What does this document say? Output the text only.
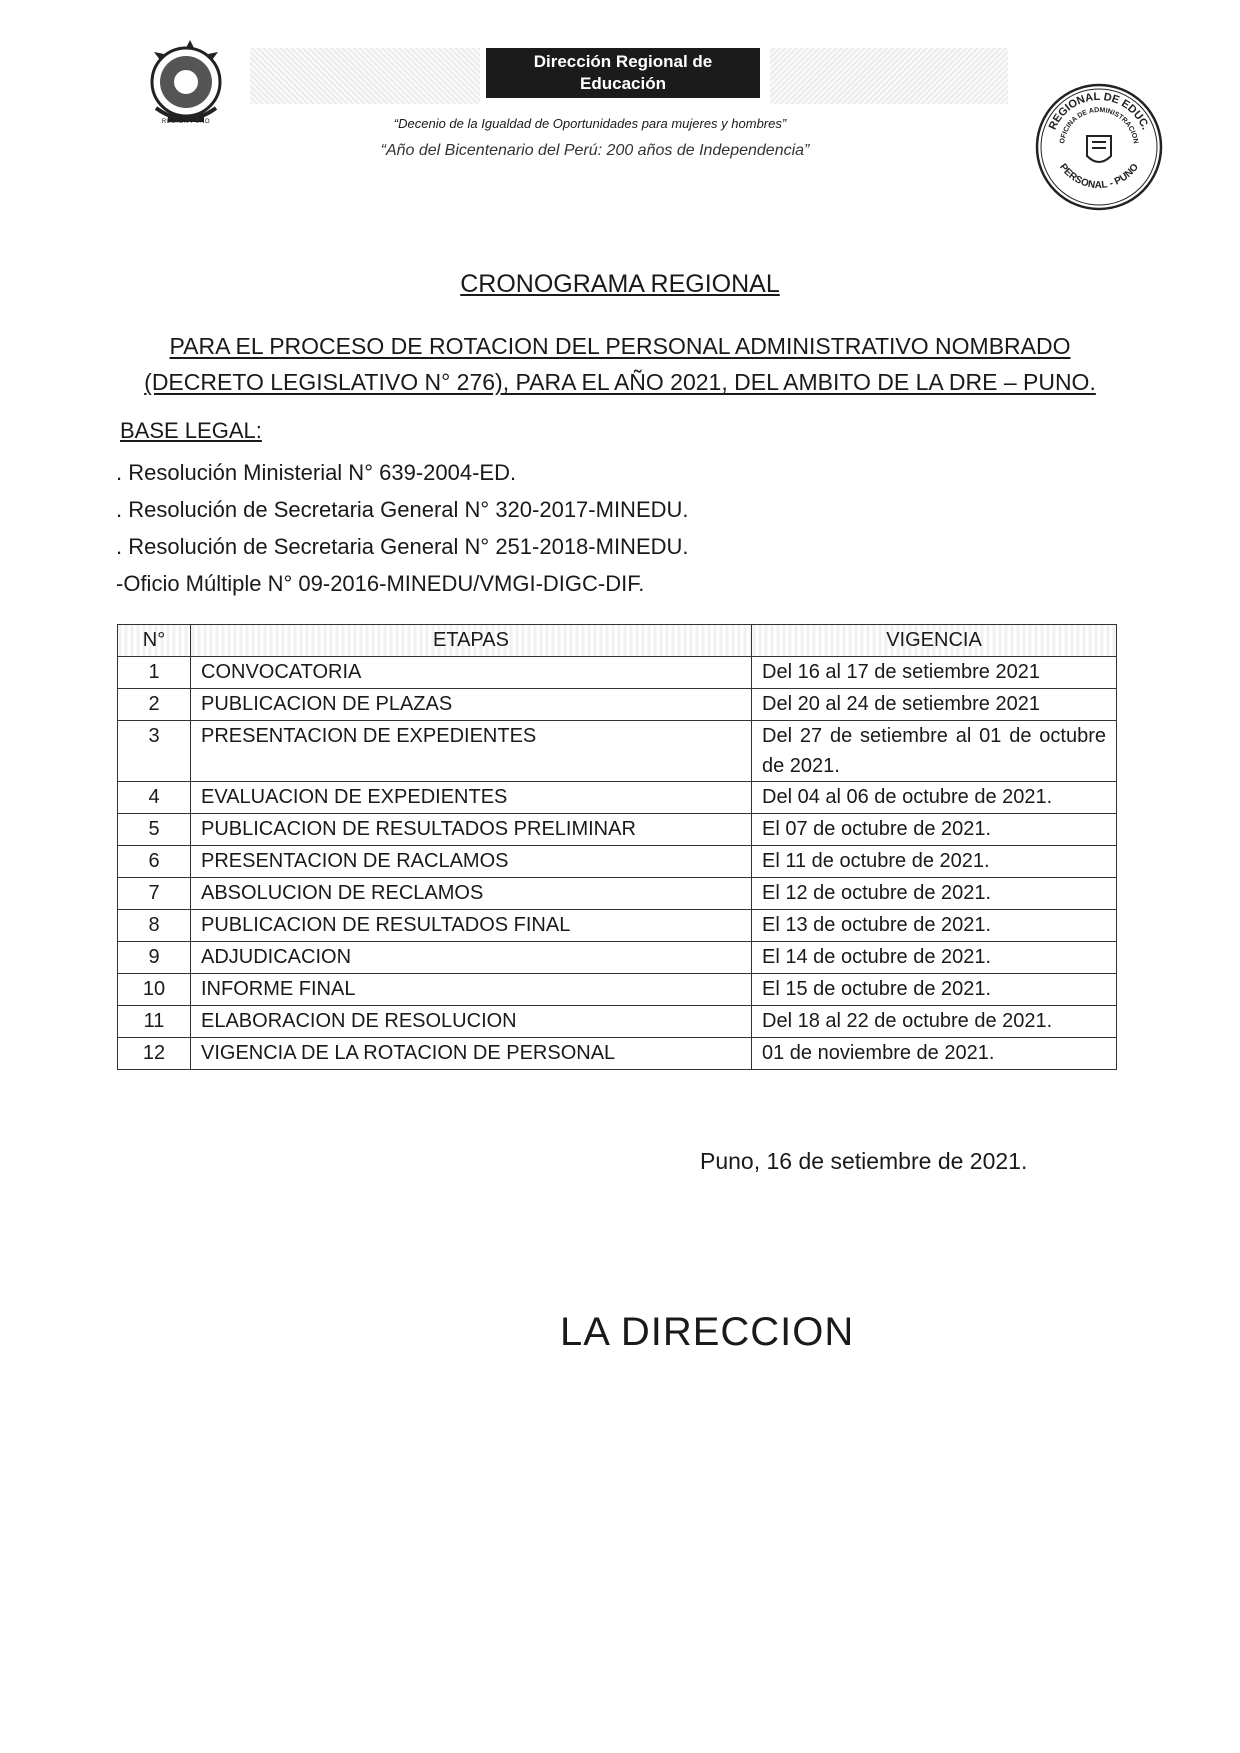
REGIÓN PUNO
Dirección Regional de
Educación
“Decenio de la Igualdad de Oportunidades para mujeres y hombres”
“Año del Bicentenario del Perú: 200 años de Independencia”
REGIONAL DE EDUC.
OFICINA DE ADMINISTRACION
PERSONAL - PUNO
CRONOGRAMA REGIONAL
PARA EL PROCESO DE ROTACION DEL PERSONAL ADMINISTRATIVO NOMBRADO
(DECRETO LEGISLATIVO N° 276), PARA EL AÑO 2021, DEL AMBITO DE LA DRE – PUNO.
BASE LEGAL:
. Resolución Ministerial N° 639-2004-ED.
. Resolución de Secretaria General N° 320-2017-MINEDU.
. Resolución de Secretaria General N° 251-2018-MINEDU.
-Oficio Múltiple N° 09-2016-MINEDU/VMGI-DIGC-DIF.
N°	ETAPAS	VIGENCIA
1	CONVOCATORIA	Del 16 al 17 de setiembre 2021
2	PUBLICACION DE PLAZAS	Del 20 al 24 de setiembre 2021
3	PRESENTACION DE EXPEDIENTES	Del 27 de setiembre al 01 de octubre de 2021.
4	EVALUACION DE EXPEDIENTES	Del 04 al 06 de octubre de 2021.
5	PUBLICACION DE RESULTADOS PRELIMINAR	El 07 de octubre de 2021.
6	PRESENTACION DE RACLAMOS	El 11 de octubre de 2021.
7	ABSOLUCION DE RECLAMOS	El 12 de octubre de 2021.
8	PUBLICACION DE RESULTADOS FINAL	El 13 de octubre de 2021.
9	ADJUDICACION	El 14 de octubre de 2021.
10	INFORME FINAL	El 15 de octubre de 2021.
11	ELABORACION DE RESOLUCION	Del 18 al 22 de octubre de 2021.
12	VIGENCIA DE LA ROTACION DE PERSONAL	01 de noviembre de 2021.
Puno, 16 de setiembre de 2021.
LA DIRECCION
